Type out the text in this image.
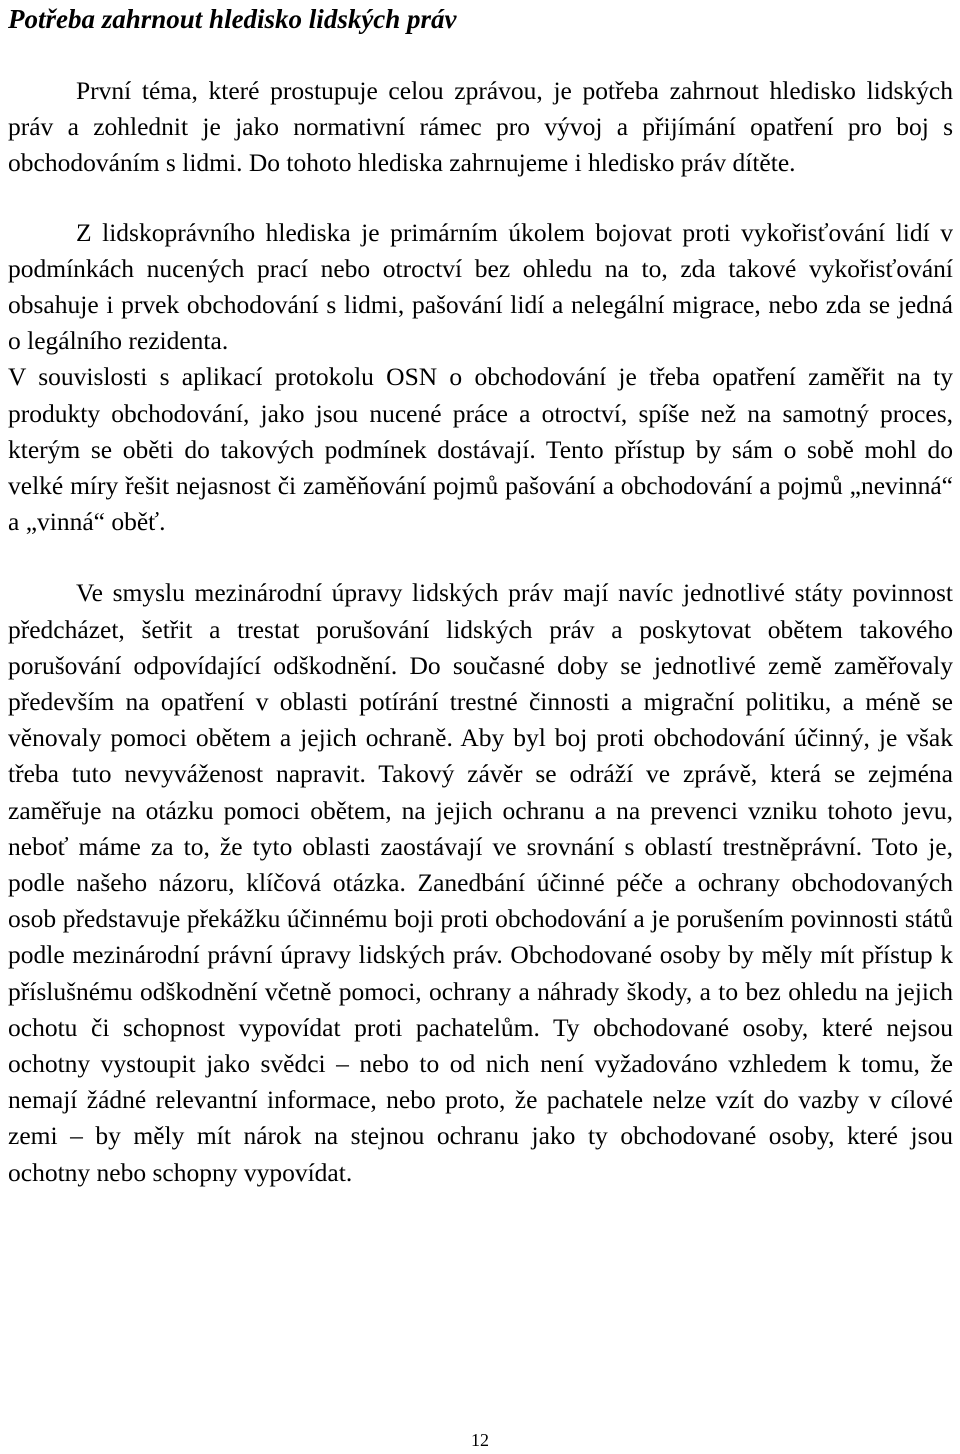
Potřeba zahrnout hledisko lidských práv

První téma, které prostupuje celou zprávou, je potřeba zahrnout hledisko lidských práv a zohlednit je jako normativní rámec pro vývoj a přijímání opatření pro boj s obchodováním s lidmi. Do tohoto hlediska zahrnujeme i hledisko práv dítěte.

Z lidskoprávního hlediska je primárním úkolem bojovat proti vykořisťování lidí v podmínkách nucených prací nebo otroctví bez ohledu na to, zda takové vykořisťování obsahuje i prvek obchodování s lidmi, pašování lidí a nelegální migrace, nebo zda se jedná o legálního rezidenta.

V souvislosti s aplikací protokolu OSN o obchodování je třeba opatření zaměřit na ty produkty obchodování, jako jsou nucené práce a otroctví, spíše než na samotný proces, kterým se oběti do takových podmínek dostávají. Tento přístup by sám o sobě mohl do velké míry řešit nejasnost či zaměňování pojmů pašování a obchodování a pojmů „nevinná“ a „vinná“ oběť.

Ve smyslu mezinárodní úpravy lidských práv mají navíc jednotlivé státy povinnost předcházet, šetřit a trestat porušování lidských práv a poskytovat obětem takového porušování odpovídající odškodnění. Do současné doby se jednotlivé země zaměřovaly především na opatření v oblasti potírání trestné činnosti a migrační politiku, a méně se věnovaly pomoci obětem a jejich ochraně. Aby byl boj proti obchodování účinný, je však třeba tuto nevyváženost napravit. Takový závěr se odráží ve zprávě, která se zejména zaměřuje na otázku pomoci obětem, na jejich ochranu a na prevenci vzniku tohoto jevu, neboť máme za to, že tyto oblasti zaostávají ve srovnání s oblastí trestněprávní. Toto je, podle našeho názoru, klíčová otázka. Zanedbání účinné péče a ochrany obchodovaných osob představuje překážku účinnému boji proti obchodování a je porušením povinnosti států podle mezinárodní právní úpravy lidských práv. Obchodované osoby by měly mít přístup k příslušnému odškodnění včetně pomoci, ochrany a náhrady škody, a to bez ohledu na jejich ochotu či schopnost vypovídat proti pachatelům. Ty obchodované osoby, které nejsou ochotny vystoupit jako svědci – nebo to od nich není vyžadováno vzhledem k tomu, že nemají žádné relevantní informace, nebo proto, že pachatele nelze vzít do vazby v cílové zemi – by měly mít nárok na stejnou ochranu jako ty obchodované osoby, které jsou ochotny nebo schopny vypovídat.

12
